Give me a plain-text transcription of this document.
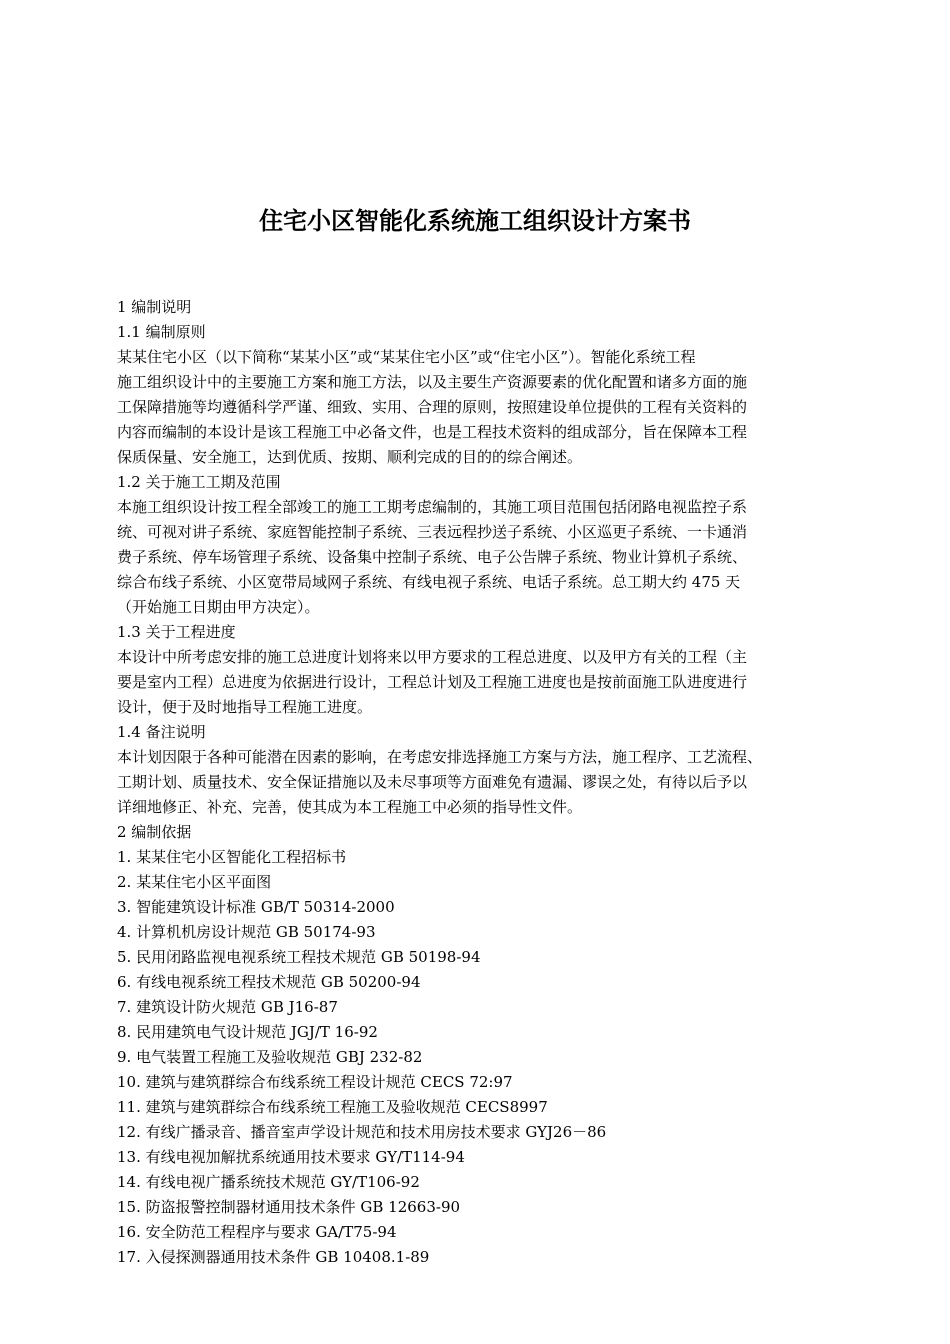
住宅小区智能化系统施工组织设计方案书
1 编制说明
1.1 编制原则
某某住宅小区（以下简称“某某小区”或“某某住宅小区”或“住宅小区”）。智能化系统工程
施工组织设计中的主要施工方案和施工方法，以及主要生产资源要素的优化配置和诸多方面的施
工保障措施等均遵循科学严谨、细致、实用、合理的原则，按照建设单位提供的工程有关资料的
内容而编制的本设计是该工程施工中必备文件，也是工程技术资料的组成部分，旨在保障本工程
保质保量、安全施工，达到优质、按期、顺利完成的目的的综合阐述。
1.2 关于施工工期及范围
本施工组织设计按工程全部竣工的施工工期考虑编制的，其施工项目范围包括闭路电视监控子系
统、可视对讲子系统、家庭智能控制子系统、三表远程抄送子系统、小区巡更子系统、一卡通消
费子系统、停车场管理子系统、设备集中控制子系统、电子公告牌子系统、物业计算机子系统、
综合布线子系统、小区宽带局域网子系统、有线电视子系统、电话子系统。总工期大约 475 天
（开始施工日期由甲方决定）。
1.3 关于工程进度
本设计中所考虑安排的施工总进度计划将来以甲方要求的工程总进度、以及甲方有关的工程（主
要是室内工程）总进度为依据进行设计，工程总计划及工程施工进度也是按前面施工队进度进行
设计，便于及时地指导工程施工进度。
1.4 备注说明
本计划因限于各种可能潜在因素的影响，在考虑安排选择施工方案与方法，施工程序、工艺流程、
工期计划、质量技术、安全保证措施以及未尽事项等方面难免有遗漏、谬误之处，有待以后予以
详细地修正、补充、完善，使其成为本工程施工中必须的指导性文件。
2 编制依据
1. 某某住宅小区智能化工程招标书
2. 某某住宅小区平面图
3. 智能建筑设计标准 GB/T 50314-2000
4. 计算机机房设计规范 GB 50174-93
5. 民用闭路监视电视系统工程技术规范 GB 50198-94
6. 有线电视系统工程技术规范 GB 50200-94
7. 建筑设计防火规范 GB J16-87
8. 民用建筑电气设计规范 JGJ/T 16-92
9. 电气装置工程施工及验收规范 GBJ 232-82
10. 建筑与建筑群综合布线系统工程设计规范 CECS 72:97
11. 建筑与建筑群综合布线系统工程施工及验收规范 CECS8997
12. 有线广播录音、播音室声学设计规范和技术用房技术要求 GYJ26－86
13. 有线电视加解扰系统通用技术要求 GY/T114-94
14. 有线电视广播系统技术规范 GY/T106-92
15. 防盗报警控制器材通用技术条件 GB 12663-90
16. 安全防范工程程序与要求 GA/T75-94
17. 入侵探测器通用技术条件 GB 10408.1-89
